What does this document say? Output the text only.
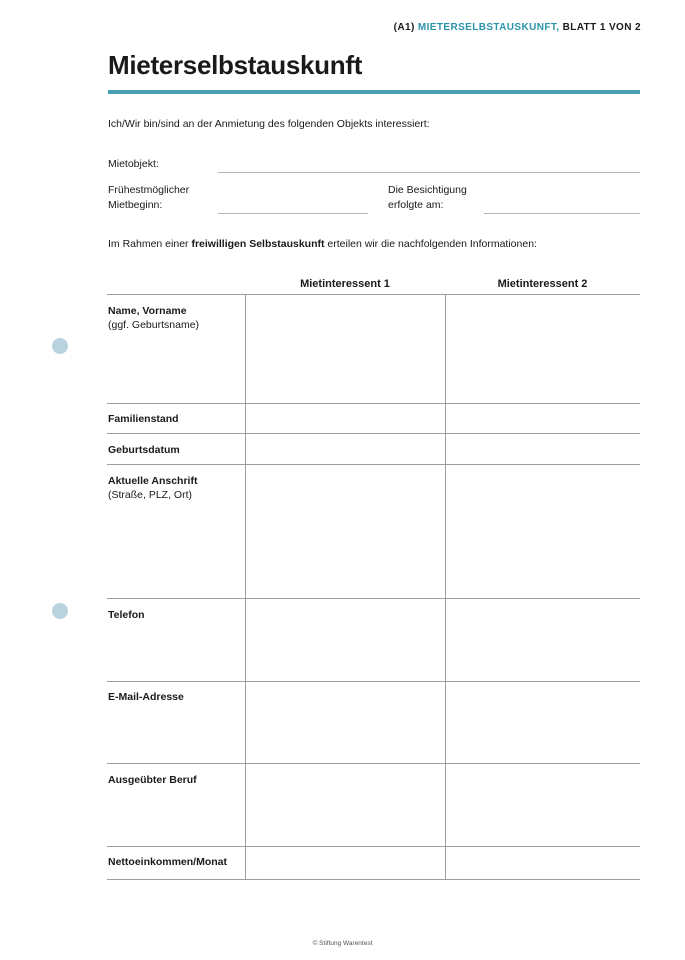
(A1) MIETERSELBSTAUSKUNFT, BLATT 1 VON 2
Mieterselbstauskunft
Ich/Wir bin/sind an der Anmietung des folgenden Objekts interessiert:
Mietobjekt:
Frühestmöglicher
Mietbeginn:
Die Besichtigung
erfolgte am:
Im Rahmen einer freiwilligen Selbstauskunft erteilen wir die nachfolgenden Informationen:
Mietinteressent 1	Mietinteressent 2
Name, Vorname
(ggf. Geburtsname)
Familienstand
Geburtsdatum
Aktuelle Anschrift
(Straße, PLZ, Ort)
Telefon
E-Mail-Adresse
Ausgeübter Beruf
Nettoeinkommen/Monat
© Stiftung Warentest
